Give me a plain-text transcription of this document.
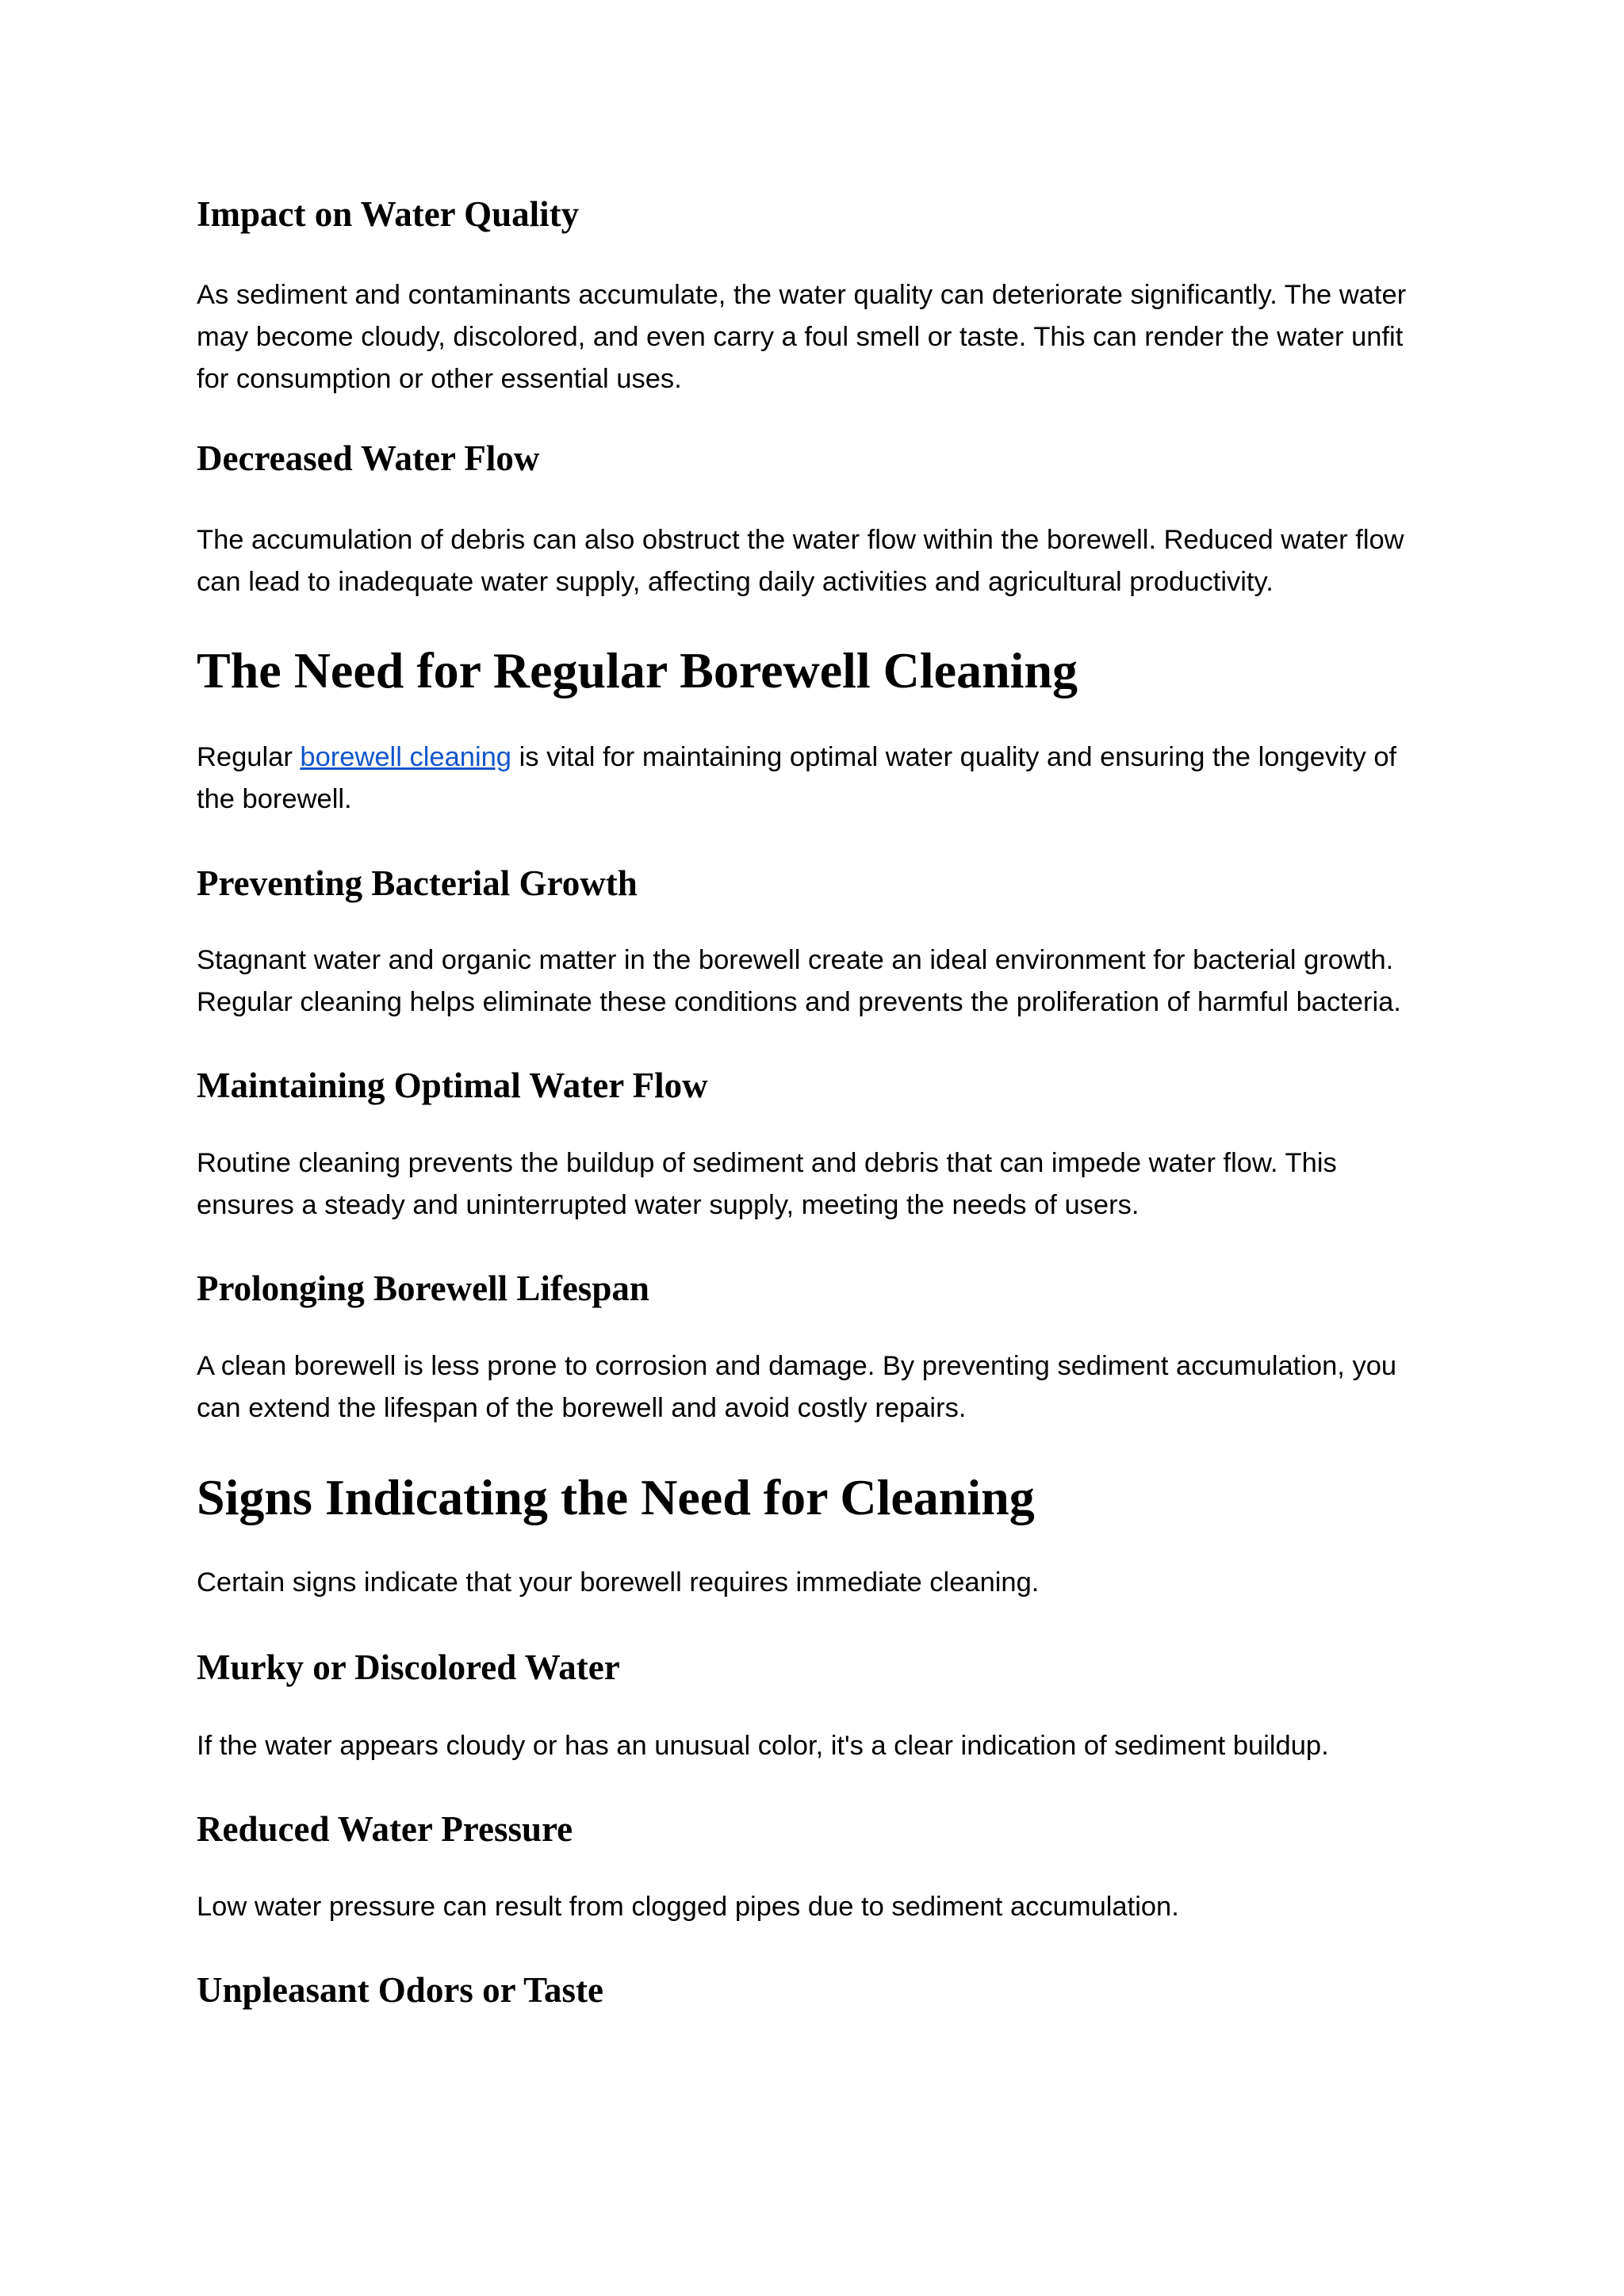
Impact on Water Quality

As sediment and contaminants accumulate, the water quality can deteriorate significantly. The water may become cloudy, discolored, and even carry a foul smell or taste. This can render the water unfit for consumption or other essential uses.

Decreased Water Flow

The accumulation of debris can also obstruct the water flow within the borewell. Reduced water flow can lead to inadequate water supply, affecting daily activities and agricultural productivity.

The Need for Regular Borewell Cleaning

Regular borewell cleaning is vital for maintaining optimal water quality and ensuring the longevity of the borewell.

Preventing Bacterial Growth

Stagnant water and organic matter in the borewell create an ideal environment for bacterial growth. Regular cleaning helps eliminate these conditions and prevents the proliferation of harmful bacteria.

Maintaining Optimal Water Flow

Routine cleaning prevents the buildup of sediment and debris that can impede water flow. This ensures a steady and uninterrupted water supply, meeting the needs of users.

Prolonging Borewell Lifespan

A clean borewell is less prone to corrosion and damage. By preventing sediment accumulation, you can extend the lifespan of the borewell and avoid costly repairs.

Signs Indicating the Need for Cleaning

Certain signs indicate that your borewell requires immediate cleaning.

Murky or Discolored Water

If the water appears cloudy or has an unusual color, it's a clear indication of sediment buildup.

Reduced Water Pressure

Low water pressure can result from clogged pipes due to sediment accumulation.

Unpleasant Odors or Taste
